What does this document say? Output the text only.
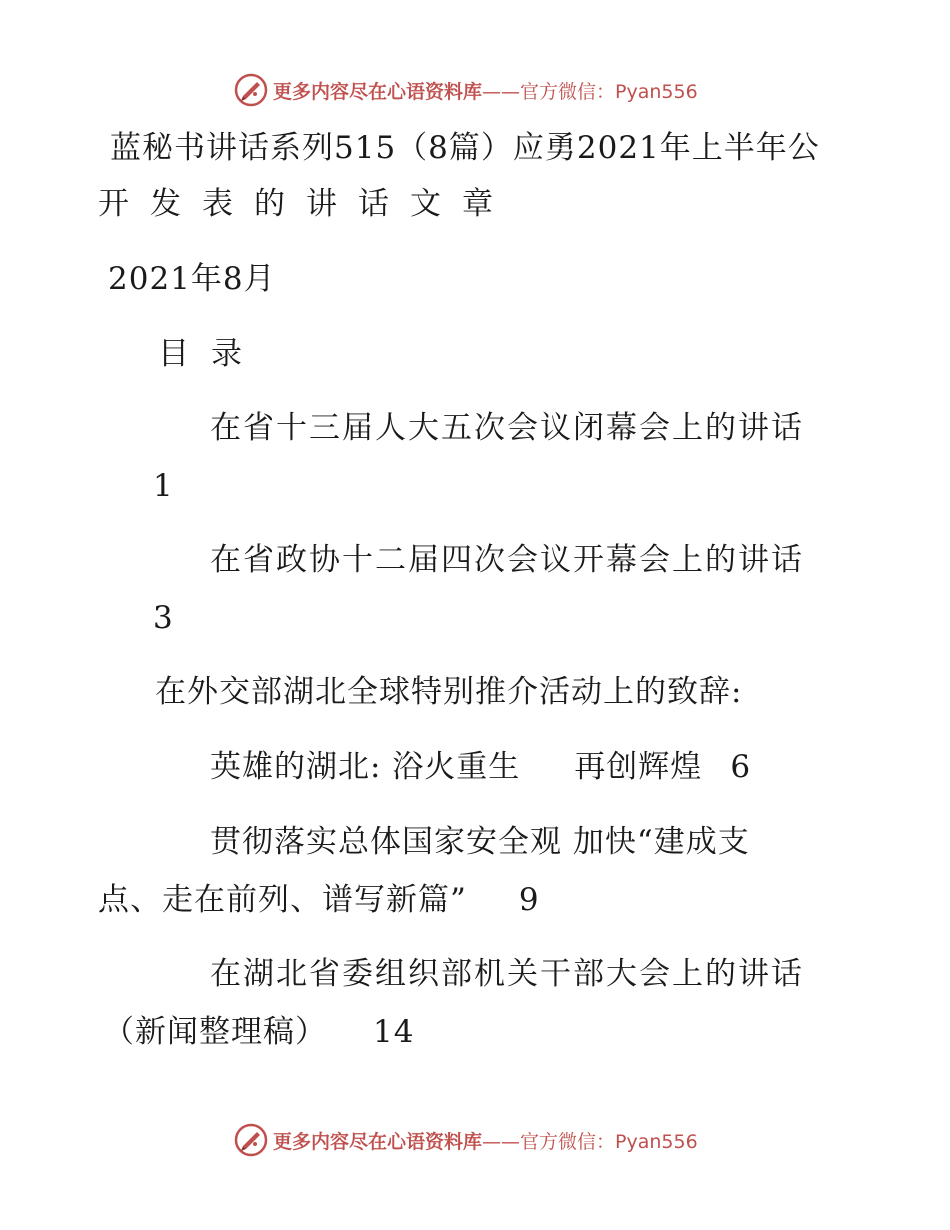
更多内容尽在心语资料库——官方微信：Pyan556
蓝秘书讲话系列515（8篇）应勇2021年上半年公
开发表的讲话文章
2021年8月
目录
在省十三届人大五次会议闭幕会上的讲话
1
在省政协十二届四次会议开幕会上的讲话
3
在外交部湖北全球特别推介活动上的致辞:
英雄的湖北: 浴火重生 再创辉煌 6
贯彻落实总体国家安全观 加快“建成支
点、走在前列、谱写新篇” 9
在湖北省委组织部机关干部大会上的讲话
（新闻整理稿） 14
更多内容尽在心语资料库——官方微信：Pyan556
